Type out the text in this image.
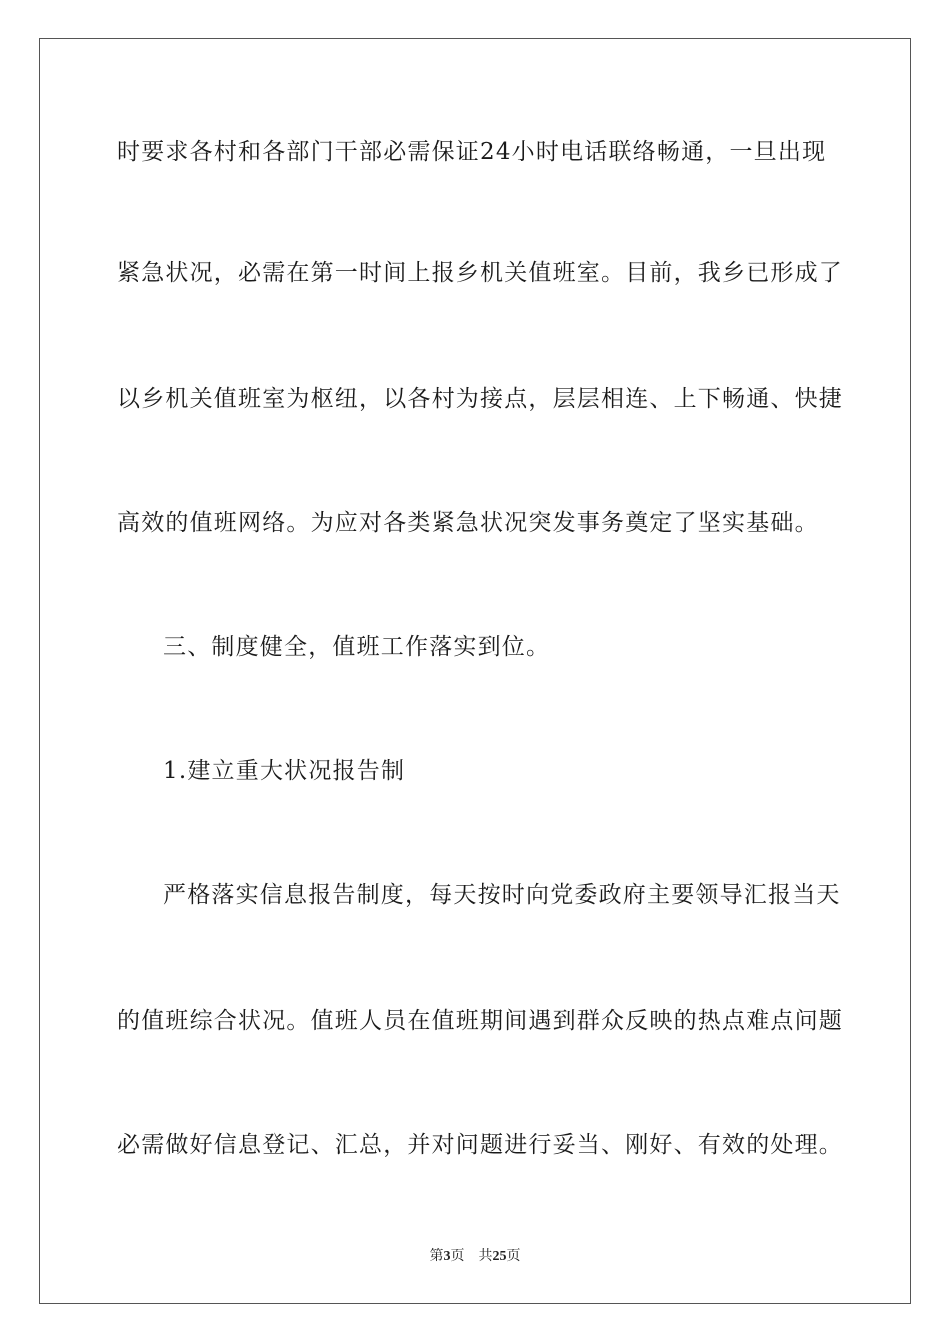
时要求各村和各部门干部必需保证24小时电话联络畅通，一旦出现
紧急状况，必需在第一时间上报乡机关值班室。目前，我乡已形成了
以乡机关值班室为枢纽，以各村为接点，层层相连、上下畅通、快捷
高效的值班网络。为应对各类紧急状况突发事务奠定了坚实基础。
三、制度健全，值班工作落实到位。
1.建立重大状况报告制
严格落实信息报告制度，每天按时向党委政府主要领导汇报当天
的值班综合状况。值班人员在值班期间遇到群众反映的热点难点问题
必需做好信息登记、汇总，并对问题进行妥当、刚好、有效的处理。
第3页 共25页
